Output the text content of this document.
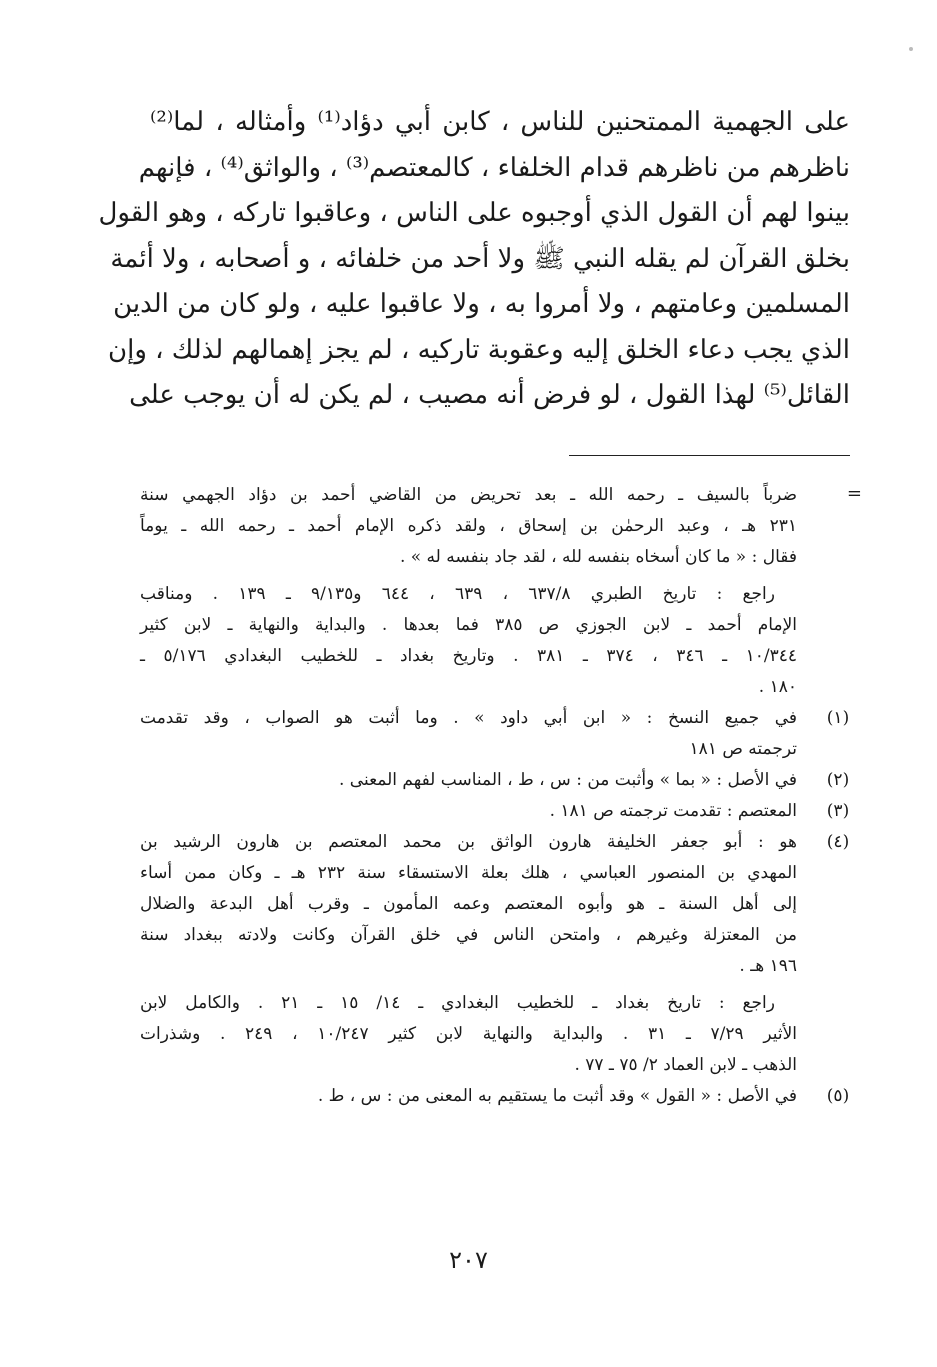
على الجهمية الممتحنين للناس ، كابن أبي دؤاد⁽¹⁾ وأمثاله ، لما⁽²⁾
ناظرهم من ناظرهم قدام الخلفاء ، كالمعتصم⁽³⁾ ، والواثق⁽⁴⁾ ، فإنهم
بينوا لهم أن القول الذي أوجبوه على الناس ، وعاقبوا تاركه ، وهو القول
بخلق القرآن لم يقله النبي ﷺ ولا أحد من خلفائه ، و أصحابه ، ولا أئمة
المسلمين وعامتهم ، ولا أمروا به ، ولا عاقبوا عليه ، ولو كان من الدين
الذي يجب دعاء الخلق إليه وعقوبة تاركيه ، لم يجز إهمالهم لذلك ، وإن
القائل⁽⁵⁾ لهذا القول ، لو فرض أنه مصيب ، لم يكن له أن يوجب على
=
ضرباً بالسيف ـ رحمه الله ـ بعد تحريض من القاضي أحمد بن دؤاد الجهمي سنة
٢٣١ هـ ، وعبد الرحمٰن بن إسحاق ، ولقد ذكره الإمام أحمد ـ رحمه الله ـ يوماً
فقال : « ما كان أسخاه بنفسه لله ، لقد جاد بنفسه له » .
راجع : تاريخ الطبري ٦٣٧/٨ ، ٦٣٩ ، ٦٤٤ و٩/١٣٥ ـ ١٣٩ . ومناقب
الإمام أحمد ـ لابن الجوزي ص ٣٨٥ فما بعدها . والبداية والنهاية ـ لابن كثير
١٠/٣٤٤ ـ ٣٤٦ ، ٣٧٤ ـ ٣٨١ . وتاريخ بغداد ـ للخطيب البغدادي ٥/١٧٦ ـ
١٨٠ .
(١)
في جميع النسخ : « ابن أبي داود » . وما أثبت هو الصواب ، وقد تقدمت
ترجمته ص ١٨١
(٢)
في الأصل : « بما » وأثبت من : س ، ط ، المناسب لفهم المعنى .
(٣)
المعتصم : تقدمت ترجمته ص ١٨١ .
(٤)
هو : أبو جعفر الخليفة هارون الواثق بن محمد المعتصم بن هارون الرشيد بن
المهدي بن المنصور العباسي ، هلك بعلة الاستسقاء سنة ٢٣٢ هـ ـ وكان ممن أساء
إلى أهل السنة ـ هو وأبوه المعتصم وعمه المأمون ـ وقرب أهل البدعة والضلال
من المعتزلة وغيرهم ، وامتحن الناس في خلق القرآن وكانت ولادته ببغداد سنة
١٩٦ هـ .
راجع : تاريخ بغداد ـ للخطيب البغدادي ـ ١٤/ ١٥ ـ ٢١ . والكامل لابن
الأثير ٧/٢٩ ـ ٣١ . والبداية والنهاية لابن كثير ١٠/٢٤٧ ، ٢٤٩ . وشذرات
الذهب ـ لابن العماد ٢/ ٧٥ ـ ٧٧ .
(٥)
في الأصل : « القول » وقد أثبت ما يستقيم به المعنى من : س ، ط .
٢٠٧
